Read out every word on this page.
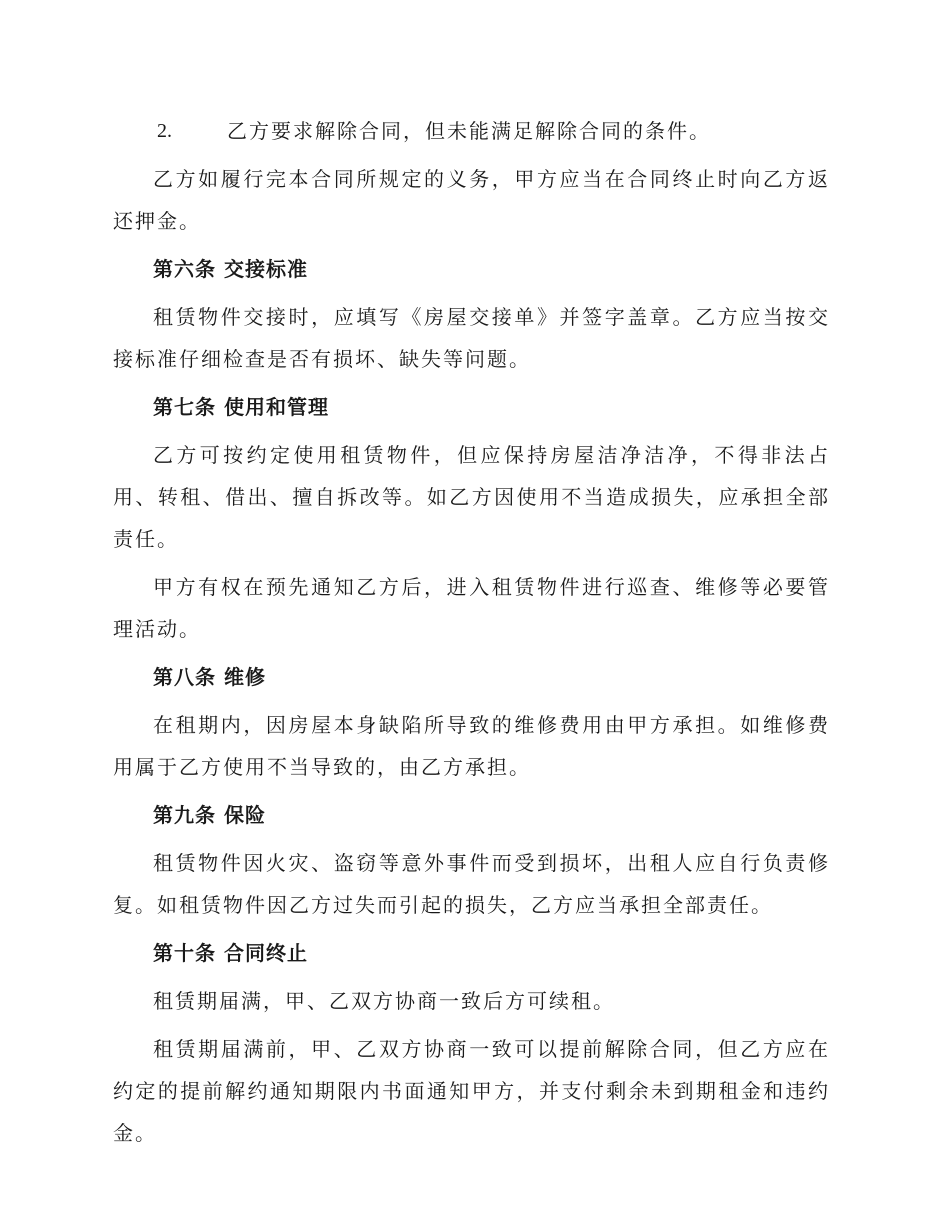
2.	乙方要求解除合同，但未能满足解除合同的条件。

乙方如履行完本合同所规定的义务，甲方应当在合同终止时向乙方返还押金。

第六条 交接标准

租赁物件交接时，应填写《房屋交接单》并签字盖章。乙方应当按交接标准仔细检查是否有损坏、缺失等问题。

第七条 使用和管理

乙方可按约定使用租赁物件，但应保持房屋洁净洁净，不得非法占用、转租、借出、擅自拆改等。如乙方因使用不当造成损失，应承担全部责任。

甲方有权在预先通知乙方后，进入租赁物件进行巡查、维修等必要管理活动。

第八条 维修

在租期内，因房屋本身缺陷所导致的维修费用由甲方承担。如维修费用属于乙方使用不当导致的，由乙方承担。

第九条 保险

租赁物件因火灾、盗窃等意外事件而受到损坏，出租人应自行负责修复。如租赁物件因乙方过失而引起的损失，乙方应当承担全部责任。

第十条 合同终止

租赁期届满，甲、乙双方协商一致后方可续租。

租赁期届满前，甲、乙双方协商一致可以提前解除合同，但乙方应在约定的提前解约通知期限内书面通知甲方，并支付剩余未到期租金和违约金。
